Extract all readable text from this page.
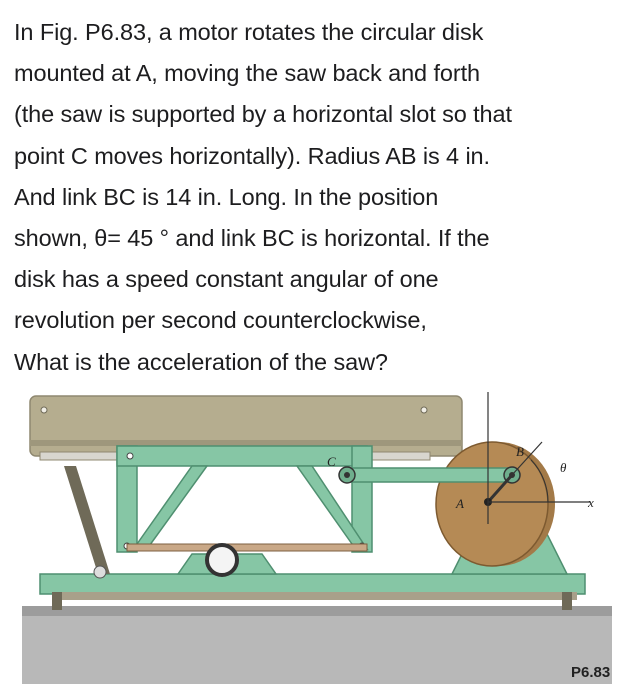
In Fig. P6.83, a motor rotates the circular disk
mounted at A, moving the saw back and forth
(the saw is supported by a horizontal slot so that
point C moves horizontally). Radius AB is 4 in.
And link BC is 14 in. Long. In the position
shown, θ= 45 ° and link BC is horizontal. If the
disk has a speed constant angular of one
revolution per second counterclockwise,
What is the acceleration of the saw?
B
C
A
θ
x
P6.83
